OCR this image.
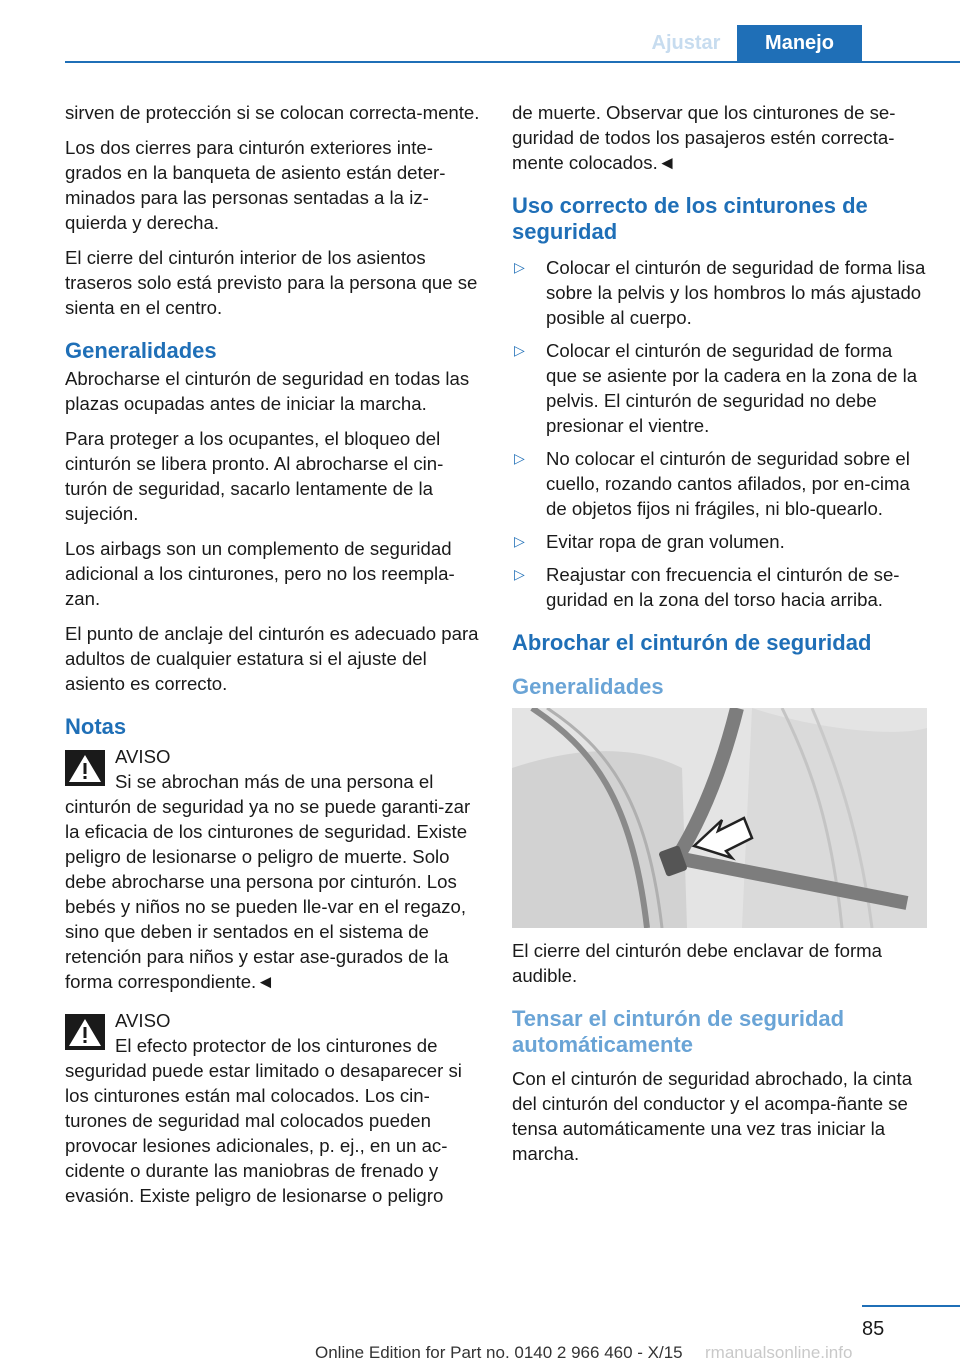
Ajustar	Manejo

sirven de protección si se colocan correcta-mente.

Los dos cierres para cinturón exteriores inte-grados en la banqueta de asiento están deter-minados para las personas sentadas a la iz-quierda y derecha.

El cierre del cinturón interior de los asientos traseros solo está previsto para la persona que se sienta en el centro.

Generalidades

Abrocharse el cinturón de seguridad en todas las plazas ocupadas antes de iniciar la marcha.

Para proteger a los ocupantes, el bloqueo del cinturón se libera pronto. Al abrocharse el cin-turón de seguridad, sacarlo lentamente de la sujeción.

Los airbags son un complemento de seguridad adicional a los cinturones, pero no los reempla-zan.

El punto de anclaje del cinturón es adecuado para adultos de cualquier estatura si el ajuste del asiento es correcto.

Notas
AVISO
Si se abrochan más de una persona el
cinturón de seguridad ya no se puede garanti-zar la eficacia de los cinturones de seguridad. Existe peligro de lesionarse o peligro de muerte. Solo debe abrocharse una persona por cinturón. Los bebés y niños no se pueden lle-var en el regazo, sino que deben ir sentados en el sistema de retención para niños y estar ase-gurados de la forma correspondiente.◄
AVISO
El efecto protector de los cinturones de
seguridad puede estar limitado o desaparecer si los cinturones están mal colocados. Los cin-turones de seguridad mal colocados pueden provocar lesiones adicionales, p. ej., en un ac-cidente o durante las maniobras de frenado y evasión. Existe peligro de lesionarse o peligro

de muerte. Observar que los cinturones de se-guridad de todos los pasajeros estén correcta-mente colocados.◄

Uso correcto de los cinturones de seguridad
▷ Colocar el cinturón de seguridad de forma lisa sobre la pelvis y los hombros lo más ajustado posible al cuerpo.
▷ Colocar el cinturón de seguridad de forma que se asiente por la cadera en la zona de la pelvis. El cinturón de seguridad no debe presionar el vientre.
▷ No colocar el cinturón de seguridad sobre el cuello, rozando cantos afilados, por en-cima de objetos fijos ni frágiles, ni blo-quearlo.
▷ Evitar ropa de gran volumen.
▷ Reajustar con frecuencia el cinturón de se-guridad en la zona del torso hacia arriba.
Abrochar el cinturón de seguridad
Generalidades

El cierre del cinturón debe enclavar de forma audible.

Tensar el cinturón de seguridad automáticamente

Con el cinturón de seguridad abrochado, la cinta del cinturón del conductor y el acompa-ñante se tensa automáticamente una vez tras iniciar la marcha.

85
Online Edition for Part no. 0140 2 966 460 - X/15 rmanualsonline.info
